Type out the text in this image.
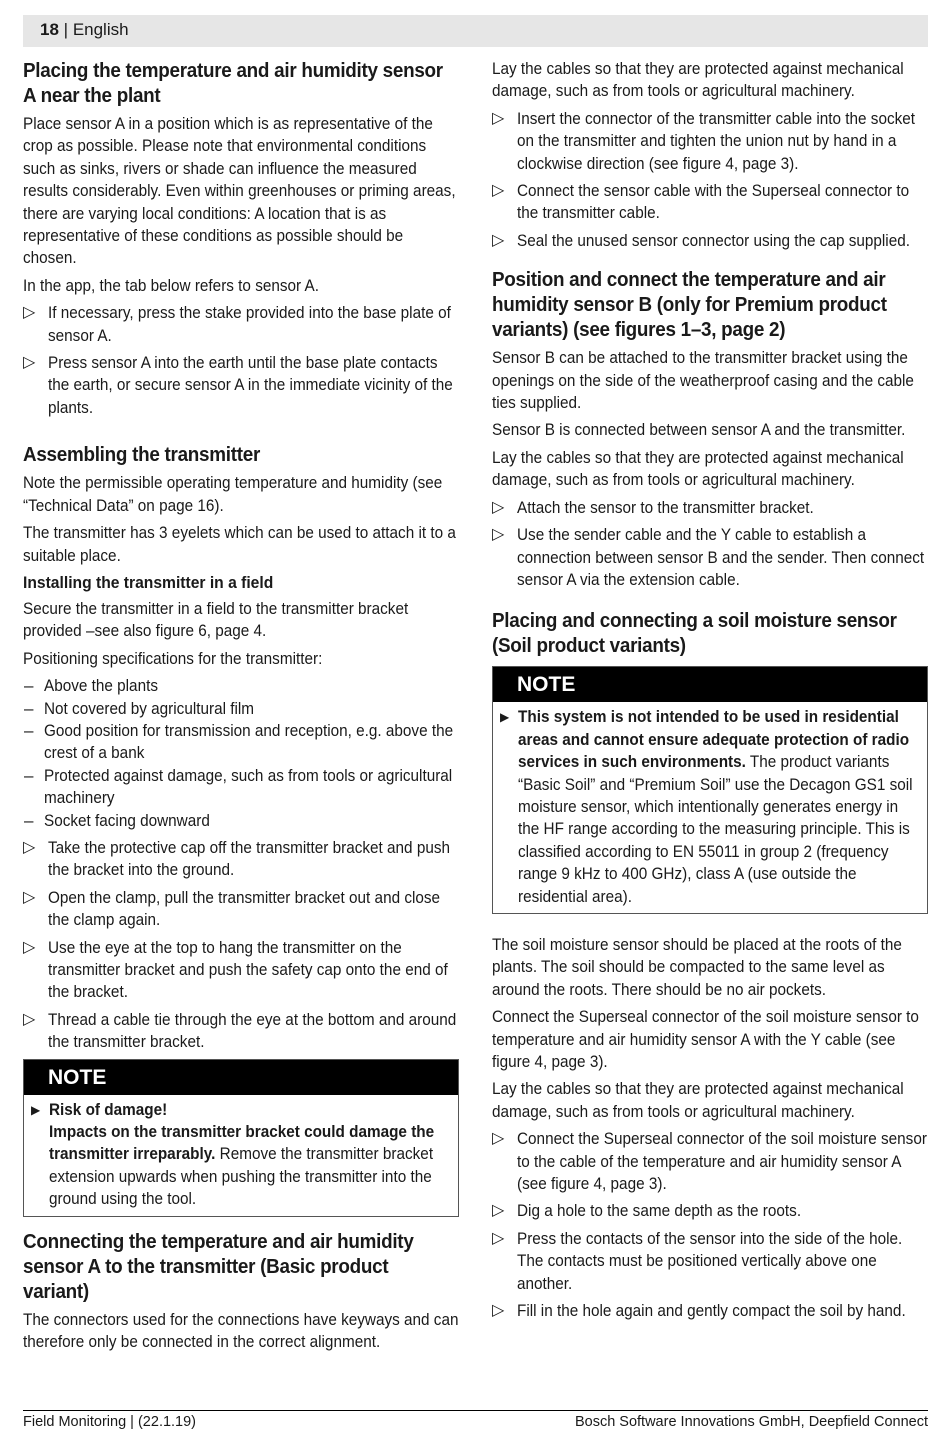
18 | English
Placing the temperature and air humidity sensor A near the plant

Place sensor A in a position which is as representative of the crop as possible. Please note that environmental conditions such as sinks, rivers or shade can influence the measured results considerably. Even within greenhouses or priming areas, there are varying local conditions: A location that is as representative of these conditions as possible should be chosen.

In the app, the tab below refers to sensor A.

▷ If necessary, press the stake provided into the base plate of sensor A.
▷ Press sensor A into the earth until the base plate contacts the earth, or secure sensor A in the immediate vicinity of the plants.
Assembling the transmitter

Note the permissible operating temperature and humidity (see “Technical Data” on page 16).

The transmitter has 3 eyelets which can be used to attach it to a suitable place.

Installing the transmitter in a field

Secure the transmitter in a field to the transmitter bracket provided –see also figure 6, page 4.

Positioning specifications for the transmitter:

– Above the plants
– Not covered by agricultural film
– Good position for transmission and reception, e.g. above the crest of a bank
– Protected against damage, such as from tools or agricultural machinery
– Socket facing downward
▷ Take the protective cap off the transmitter bracket and push the bracket into the ground.
▷ Open the clamp, pull the transmitter bracket out and close the clamp again.
▷ Use the eye at the top to hang the transmitter on the transmitter bracket and push the safety cap onto the end of the bracket.
▷ Thread a cable tie through the eye at the bottom and around the transmitter bracket.
NOTE
▶ Risk of damage!
Impacts on the transmitter bracket could damage the transmitter irreparably. Remove the transmitter bracket extension upwards when pushing the transmitter into the ground using the tool.
Connecting the temperature and air humidity sensor A to the transmitter (Basic product variant)

The connectors used for the connections have keyways and can therefore only be connected in the correct alignment.

Lay the cables so that they are protected against mechanical damage, such as from tools or agricultural machinery.

▷ Insert the connector of the transmitter cable into the socket on the transmitter and tighten the union nut by hand in a clockwise direction (see figure 4, page 3).
▷ Connect the sensor cable with the Superseal connector to the transmitter cable.
▷ Seal the unused sensor connector using the cap supplied.
Position and connect the temperature and air humidity sensor B (only for Premium product variants) (see figures 1–3, page 2)

Sensor B can be attached to the transmitter bracket using the openings on the side of the weatherproof casing and the cable ties supplied.

Sensor B is connected between sensor A and the transmitter.

Lay the cables so that they are protected against mechanical damage, such as from tools or agricultural machinery.

▷ Attach the sensor to the transmitter bracket.
▷ Use the sender cable and the Y cable to establish a connection between sensor B and the sender. Then connect sensor A via the extension cable.
Placing and connecting a soil moisture sensor (Soil product variants)
NOTE
▶ This system is not intended to be used in residential areas and cannot ensure adequate protection of radio services in such environments. The product variants “Basic Soil” and “Premium Soil” use the Decagon GS1 soil moisture sensor, which intentionally generates energy in the HF range according to the measuring principle. This is classified according to EN 55011 in group 2 (frequency range 9 kHz to 400 GHz), class A (use outside the residential area).

The soil moisture sensor should be placed at the roots of the plants. The soil should be compacted to the same level as around the roots. There should be no air pockets.

Connect the Superseal connector of the soil moisture sensor to temperature and air humidity sensor A with the Y cable (see figure 4, page 3).

Lay the cables so that they are protected against mechanical damage, such as from tools or agricultural machinery.

▷ Connect the Superseal connector of the soil moisture sensor to the cable of the temperature and air humidity sensor A (see figure 4, page 3).
▷ Dig a hole to the same depth as the roots.
▷ Press the contacts of the sensor into the side of the hole. The contacts must be positioned vertically above one another.
▷ Fill in the hole again and gently compact the soil by hand.
Field Monitoring | (22.1.19)	Bosch Software Innovations GmbH, Deepfield Connect
